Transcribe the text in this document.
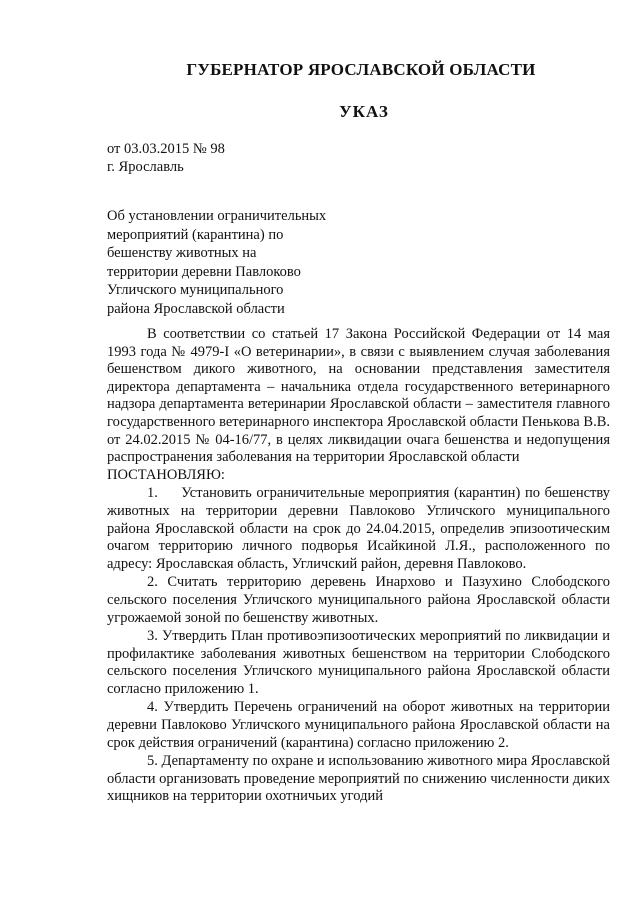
ГУБЕРНАТОР ЯРОСЛАВСКОЙ ОБЛАСТИ
УКАЗ
от 03.03.2015 № 98
г. Ярославль
Об установлении ограничительных
мероприятий (карантина) по
бешенству животных на
территории деревни Павлоково
Угличского муниципального
района Ярославской области

В соответствии со статьей 17 Закона Российской Федерации от 14 мая 1993 года № 4979-I «О ветеринарии», в связи с выявлением случая заболевания бешенством дикого животного, на основании представления заместителя директора департамента – начальника отдела государственного ветеринарного надзора департамента ветеринарии Ярославской области – заместителя главного государственного ветеринарного инспектора Ярославской области Пенькова В.В. от 24.02.2015 № 04-16/77, в целях ликвидации очага бешенства и недопущения распространения заболевания на территории Ярославской области

ПОСТАНОВЛЯЮ:

1.     Установить ограничительные мероприятия (карантин) по бешенству животных на территории деревни Павлоково Угличского муниципального района Ярославской области на срок до 24.04.2015, определив эпизоотическим очагом территорию личного подворья Исайкиной Л.Я., расположенного по адресу: Ярославская область, Угличский район, деревня Павлоково.

2. Считать территорию деревень Инархово и Пазухино Слободского сельского поселения Угличского муниципального района Ярославской области угрожаемой зоной по бешенству животных.

3. Утвердить План противоэпизоотических мероприятий по ликвидации и профилактике заболевания животных бешенством на территории Слободского сельского поселения Угличского муниципального района Ярославской области согласно приложению 1.

4. Утвердить Перечень ограничений на оборот животных на территории деревни Павлоково Угличского муниципального района Ярославской области на срок действия ограничений (карантина) согласно приложению 2.

5. Департаменту по охране и использованию животного мира Ярославской области организовать проведение мероприятий по снижению численности диких хищников на территории охотничьих угодий
